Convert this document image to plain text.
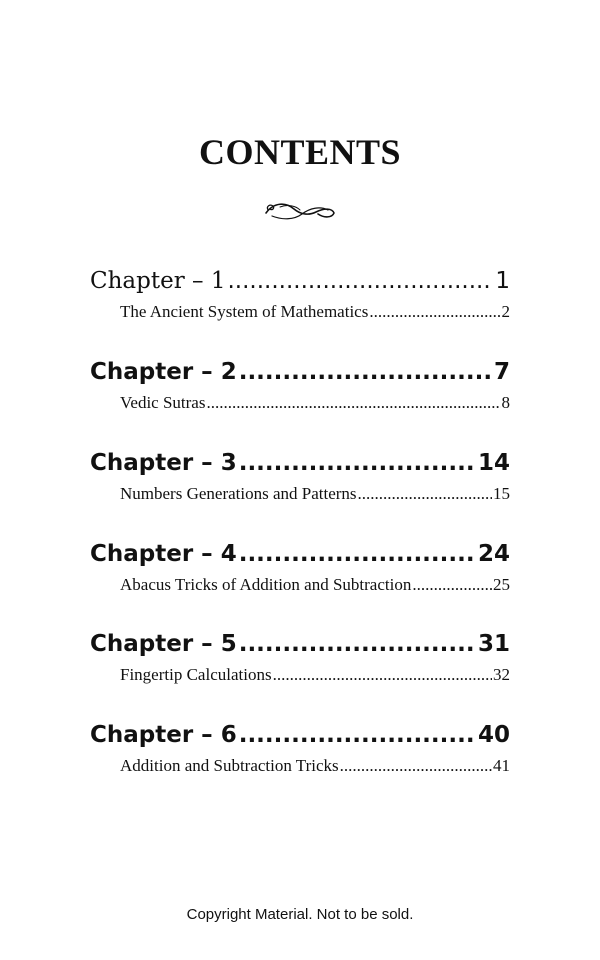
CONTENTS
Chapter – 1 .....	1
The Ancient System of Mathematics .....	2
Chapter – 2 .....	7
Vedic Sutras .....	8
Chapter – 3 .....	14
Numbers Generations and Patterns .....	15
Chapter – 4 .....	24
Abacus Tricks of Addition and Subtraction .....	25
Chapter – 5 .....	31
Fingertip Calculations .....	32
Chapter – 6 .....	40
Addition and Subtraction Tricks .....	41
Copyright Material. Not to be sold.
